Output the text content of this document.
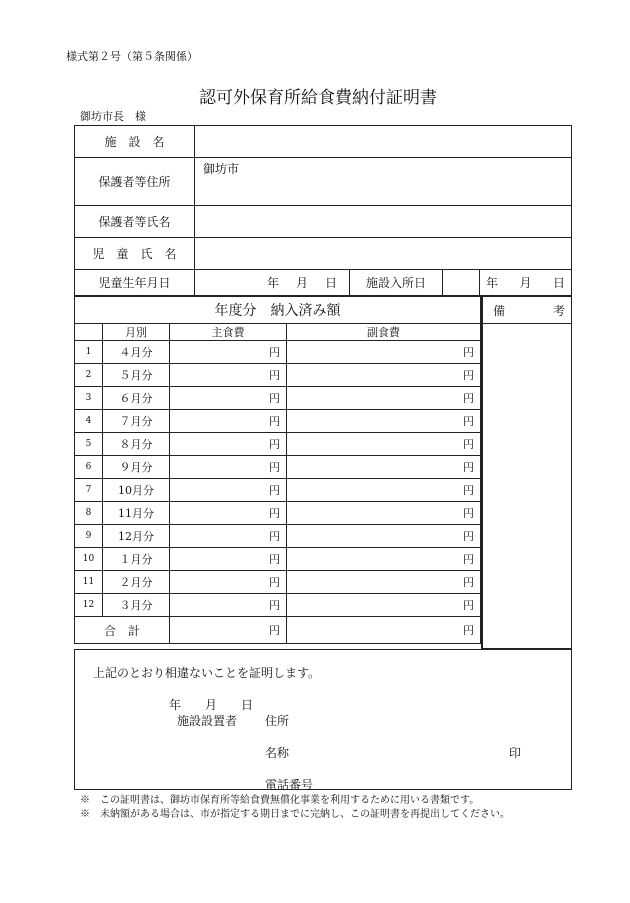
様式第２号（第５条関係）
認可外保育所給食費納付証明書
御坊市長　様
施　設　名				
保護者等住所	御坊市			
保護者等氏名				
児　童　氏　名				
児童生年月日	年 月 日	施設入所日		年 月 日
年度分　納入済み額			
	月別	主食費	副食費
1	４月分	円	円
2	５月分	円	円
3	６月分	円	円
4	７月分	円	円
5	８月分	円	円
6	９月分	円	円
7	10月分	円	円
8	11月分	円	円
9	12月分	円	円
10	１月分	円	円
11	２月分	円	円
12	３月分	円	円
合　計		円	円
備	考
上記のとおり相違ないことを証明します。
年　　月　　日
施設設置者 住所
名称	印
電話番号
※　この証明書は、御坊市保育所等給食費無償化事業を利用するために用いる書類です。
※　未納額がある場合は、市が指定する期日までに完納し、この証明書を再提出してください。
